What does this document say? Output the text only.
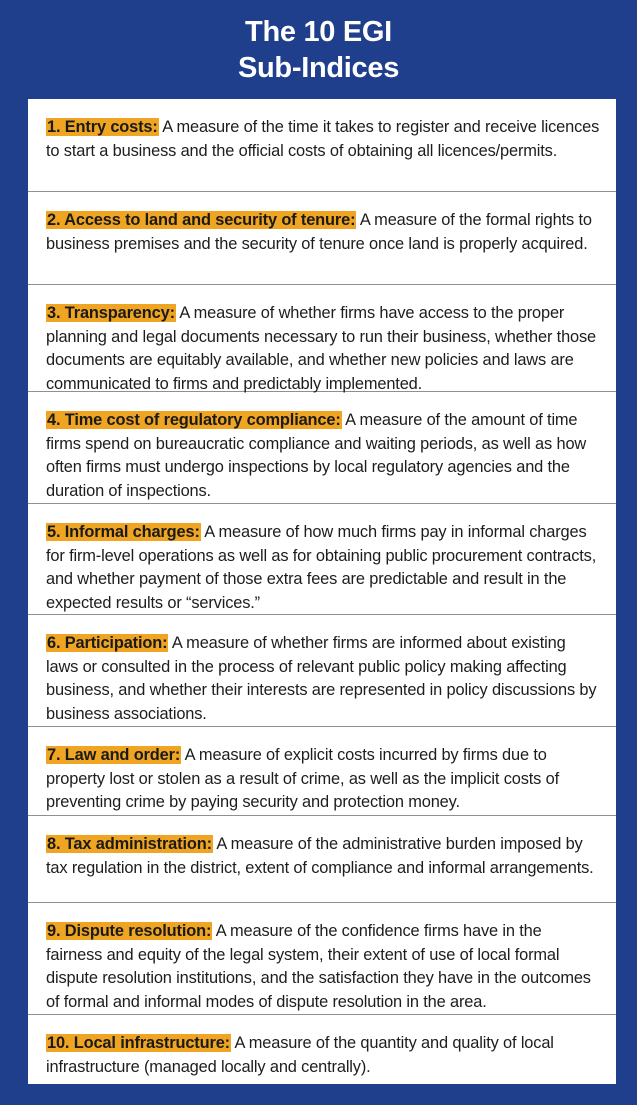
The 10 EGI
Sub-Indices

1. Entry costs: A measure of the time it takes to register and receive licences to start a business and the official costs of obtaining all licences/permits.

2. Access to land and security of tenure: A measure of the formal rights to business premises and the security of tenure once land is properly acquired.

3. Transparency: A measure of whether firms have access to the proper planning and legal documents necessary to run their business, whether those documents are equitably available, and whether new policies and laws are communicated to firms and predictably implemented.

4. Time cost of regulatory compliance: A measure of the amount of time firms spend on bureaucratic compliance and waiting periods, as well as how often firms must undergo inspections by local regulatory agencies and the duration of inspections.

5. Informal charges: A measure of how much firms pay in informal charges for firm-level operations as well as for obtaining public procurement contracts, and whether payment of those extra fees are predictable and result in the expected results or “services.”

6. Participation: A measure of whether firms are informed about existing laws or consulted in the process of relevant public policy making affecting business, and whether their interests are represented in policy discussions by business associations.

7. Law and order: A measure of explicit costs incurred by firms due to property lost or stolen as a result of crime, as well as the implicit costs of preventing crime by paying security and protection money.

8. Tax administration: A measure of the administrative burden imposed by tax regulation in the district, extent of compliance and informal arrangements.

9. Dispute resolution: A measure of the confidence firms have in the fairness and equity of the legal system, their extent of use of local formal dispute resolution institutions, and the satisfaction they have in the outcomes of formal and informal modes of dispute resolution in the area.

10. Local infrastructure: A measure of the quantity and quality of local infrastructure (managed locally and centrally).
